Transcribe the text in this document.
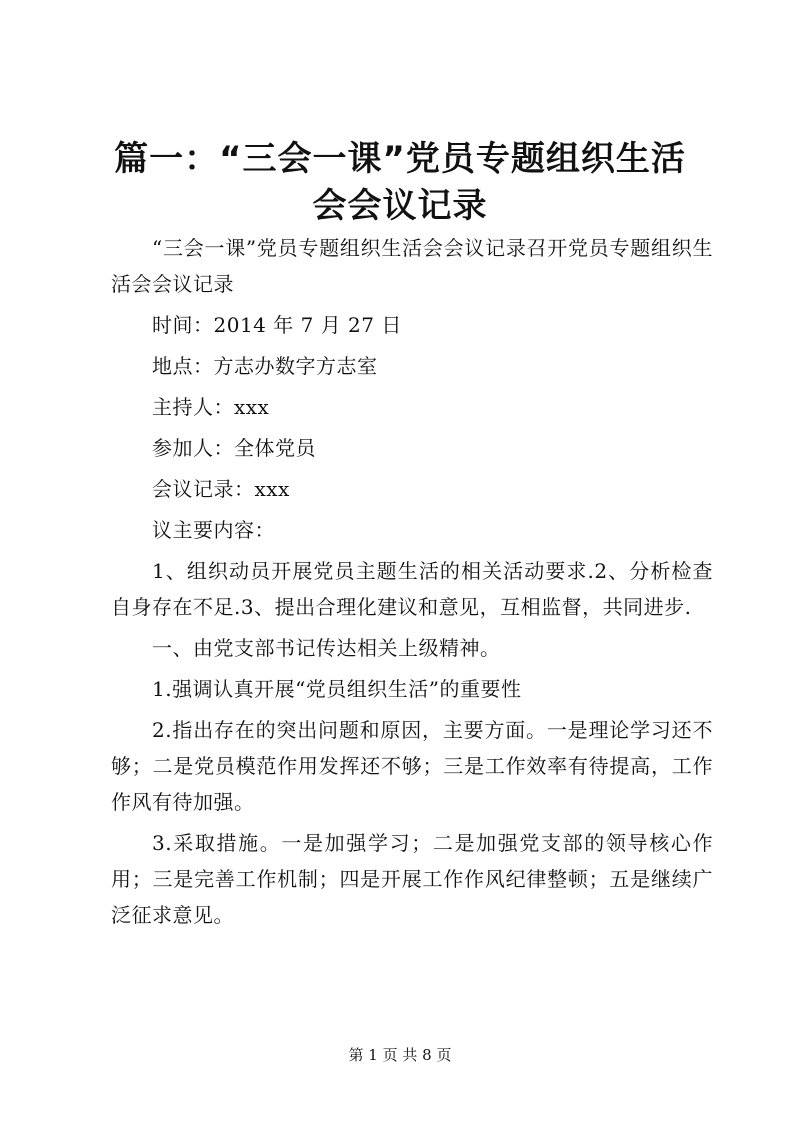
篇一：“三会一课”党员专题组织生活会会议记录

“三会一课”党员专题组织生活会会议记录召开党员专题组织生活会会议记录

时间：2014 年 7 月 27 日

地点：方志办数字方志室

主持人：xxx

参加人：全体党员

会议记录：xxx

议主要内容：

1、组织动员开展党员主题生活的相关活动要求.2、分析检查自身存在不足.3、提出合理化建议和意见，互相监督，共同进步.

一、由党支部书记传达相关上级精神。

1.强调认真开展“党员组织生活”的重要性

2.指出存在的突出问题和原因，主要方面。一是理论学习还不够；二是党员模范作用发挥还不够；三是工作效率有待提高，工作作风有待加强。

3.采取措施。一是加强学习；二是加强党支部的领导核心作用；三是完善工作机制；四是开展工作作风纪律整顿；五是继续广泛征求意见。

第 1 页 共 8 页
